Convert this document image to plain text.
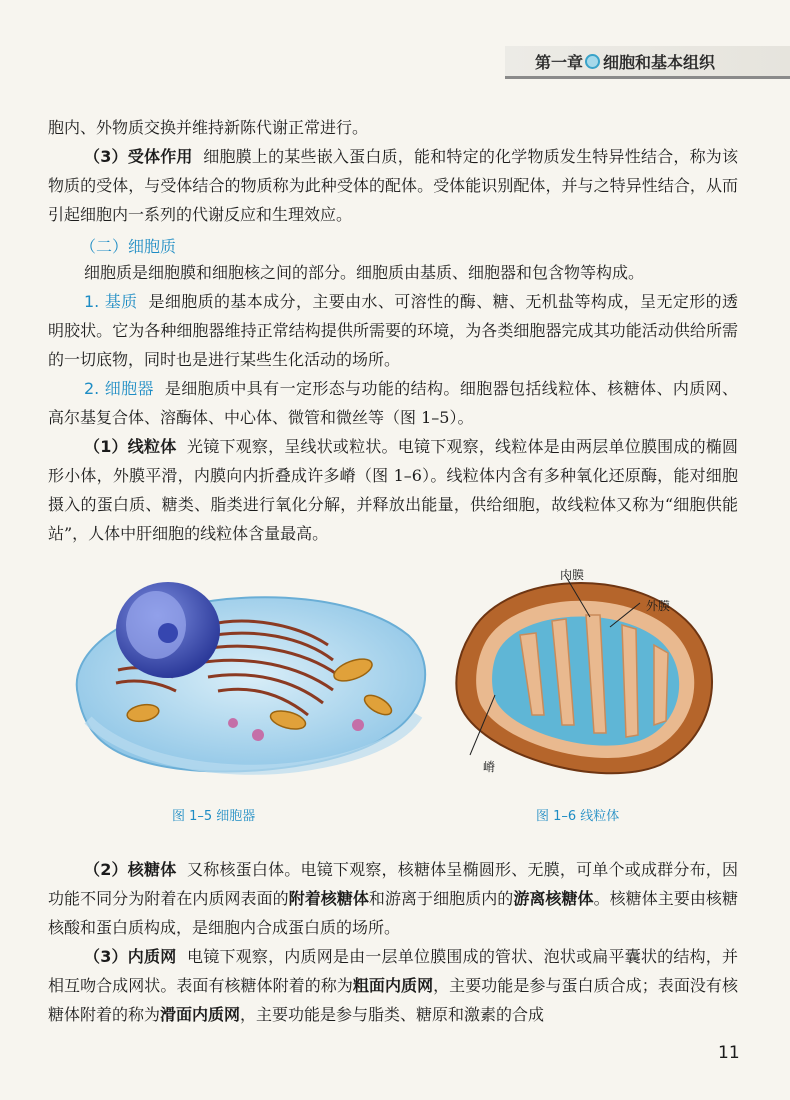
第一章 细胞和基本组织
胞内、外物质交换并维持新陈代谢正常进行。
（3）受体作用 细胞膜上的某些嵌入蛋白质，能和特定的化学物质发生特异性结合，称为该物质的受体，与受体结合的物质称为此种受体的配体。受体能识别配体，并与之特异性结合，从而引起细胞内一系列的代谢反应和生理效应。
（二）细胞质
细胞质是细胞膜和细胞核之间的部分。细胞质由基质、细胞器和包含物等构成。
1. 基质 是细胞质的基本成分，主要由水、可溶性的酶、糖、无机盐等构成，呈无定形的透明胶状。它为各种细胞器维持正常结构提供所需要的环境，为各类细胞器完成其功能活动供给所需的一切底物，同时也是进行某些生化活动的场所。
2. 细胞器 是细胞质中具有一定形态与功能的结构。细胞器包括线粒体、核糖体、内质网、高尔基复合体、溶酶体、中心体、微管和微丝等（图 1–5）。
（1）线粒体 光镜下观察，呈线状或粒状。电镜下观察，线粒体是由两层单位膜围成的椭圆形小体，外膜平滑，内膜向内折叠成许多嵴（图 1–6）。线粒体内含有多种氧化还原酶，能对细胞摄入的蛋白质、糖类、脂类进行氧化分解，并释放出能量，供给细胞，故线粒体又称为“细胞供能站”，人体中肝细胞的线粒体含量最高。
图 1–5 细胞器
内膜
外膜
嵴
图 1–6 线粒体
（2）核糖体 又称核蛋白体。电镜下观察，核糖体呈椭圆形、无膜，可单个或成群分布，因功能不同分为附着在内质网表面的附着核糖体和游离于细胞质内的游离核糖体。核糖体主要由核糖核酸和蛋白质构成，是细胞内合成蛋白质的场所。
（3）内质网 电镜下观察，内质网是由一层单位膜围成的管状、泡状或扁平囊状的结构，并相互吻合成网状。表面有核糖体附着的称为粗面内质网，主要功能是参与蛋白质合成；表面没有核糖体附着的称为滑面内质网，主要功能是参与脂类、糖原和激素的合成
11
